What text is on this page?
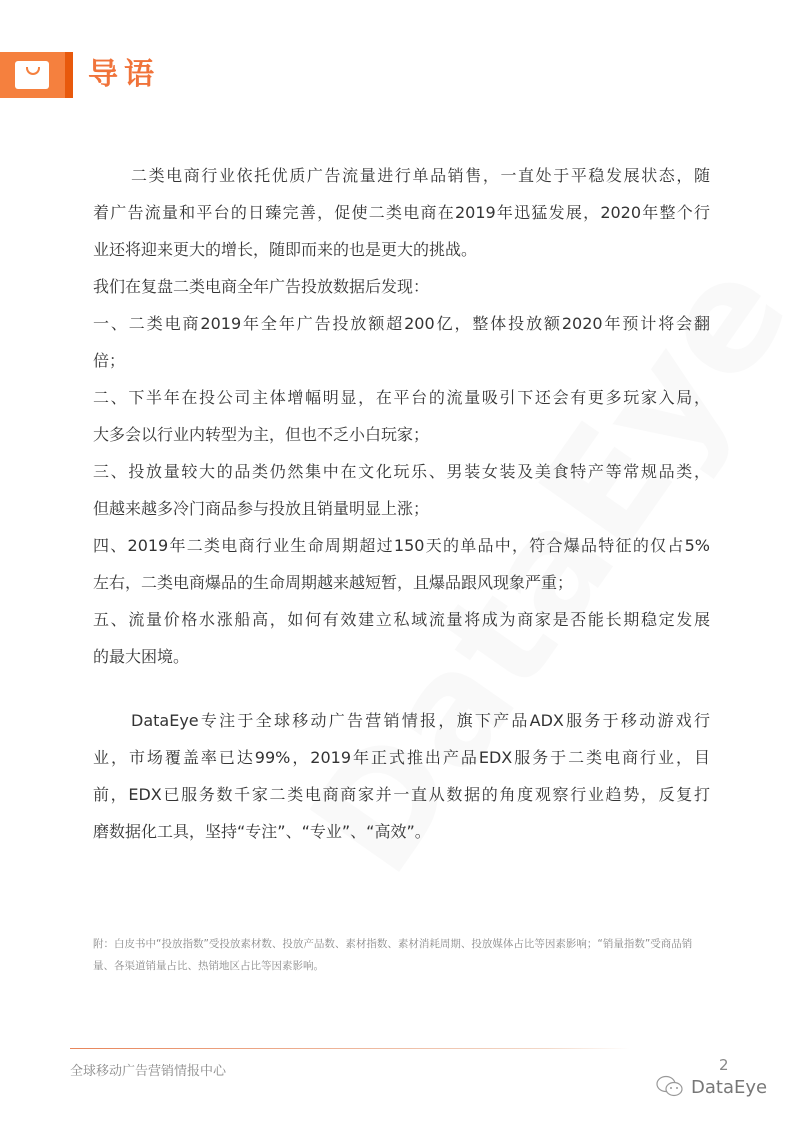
导语
二类电商行业依托优质广告流量进行单品销售，一直处于平稳发展状态，随
着广告流量和平台的日臻完善，促使二类电商在2019年迅猛发展，2020年整个行
业还将迎来更大的增长，随即而来的也是更大的挑战。
我们在复盘二类电商全年广告投放数据后发现：
一、二类电商2019年全年广告投放额超200亿，整体投放额2020年预计将会翻
倍；
二、下半年在投公司主体增幅明显，在平台的流量吸引下还会有更多玩家入局，
大多会以行业内转型为主，但也不乏小白玩家；
三、投放量较大的品类仍然集中在文化玩乐、男装女装及美食特产等常规品类，
但越来越多冷门商品参与投放且销量明显上涨；
四、2019年二类电商行业生命周期超过150天的单品中，符合爆品特征的仅占5%
左右，二类电商爆品的生命周期越来越短暂，且爆品跟风现象严重；
五、流量价格水涨船高，如何有效建立私域流量将成为商家是否能长期稳定发展
的最大困境。
DataEye专注于全球移动广告营销情报，旗下产品ADX服务于移动游戏行
业，市场覆盖率已达99%，2019年正式推出产品EDX服务于二类电商行业，目
前，EDX已服务数千家二类电商商家并一直从数据的角度观察行业趋势，反复打
磨数据化工具，坚持“专注”、“专业”、“高效”。
附：白皮书中“投放指数”受投放素材数、投放产品数、素材指数、素材消耗周期、投放媒体占比等因素影响；“销量指数”受商品销量、各渠道销量占比、热销地区占比等因素影响。
全球移动广告营销情报中心	2
DataEye
